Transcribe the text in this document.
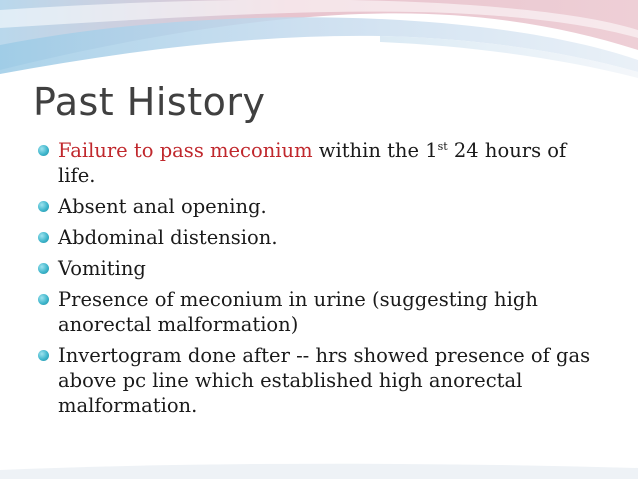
Past History
Failure to pass meconium within the 1st 24 hours of life.
Absent anal opening.
Abdominal distension.
Vomiting
Presence of meconium in urine (suggesting high anorectal malformation)
Invertogram done after -- hrs showed presence of gas above pc line which established high anorectal malformation.
